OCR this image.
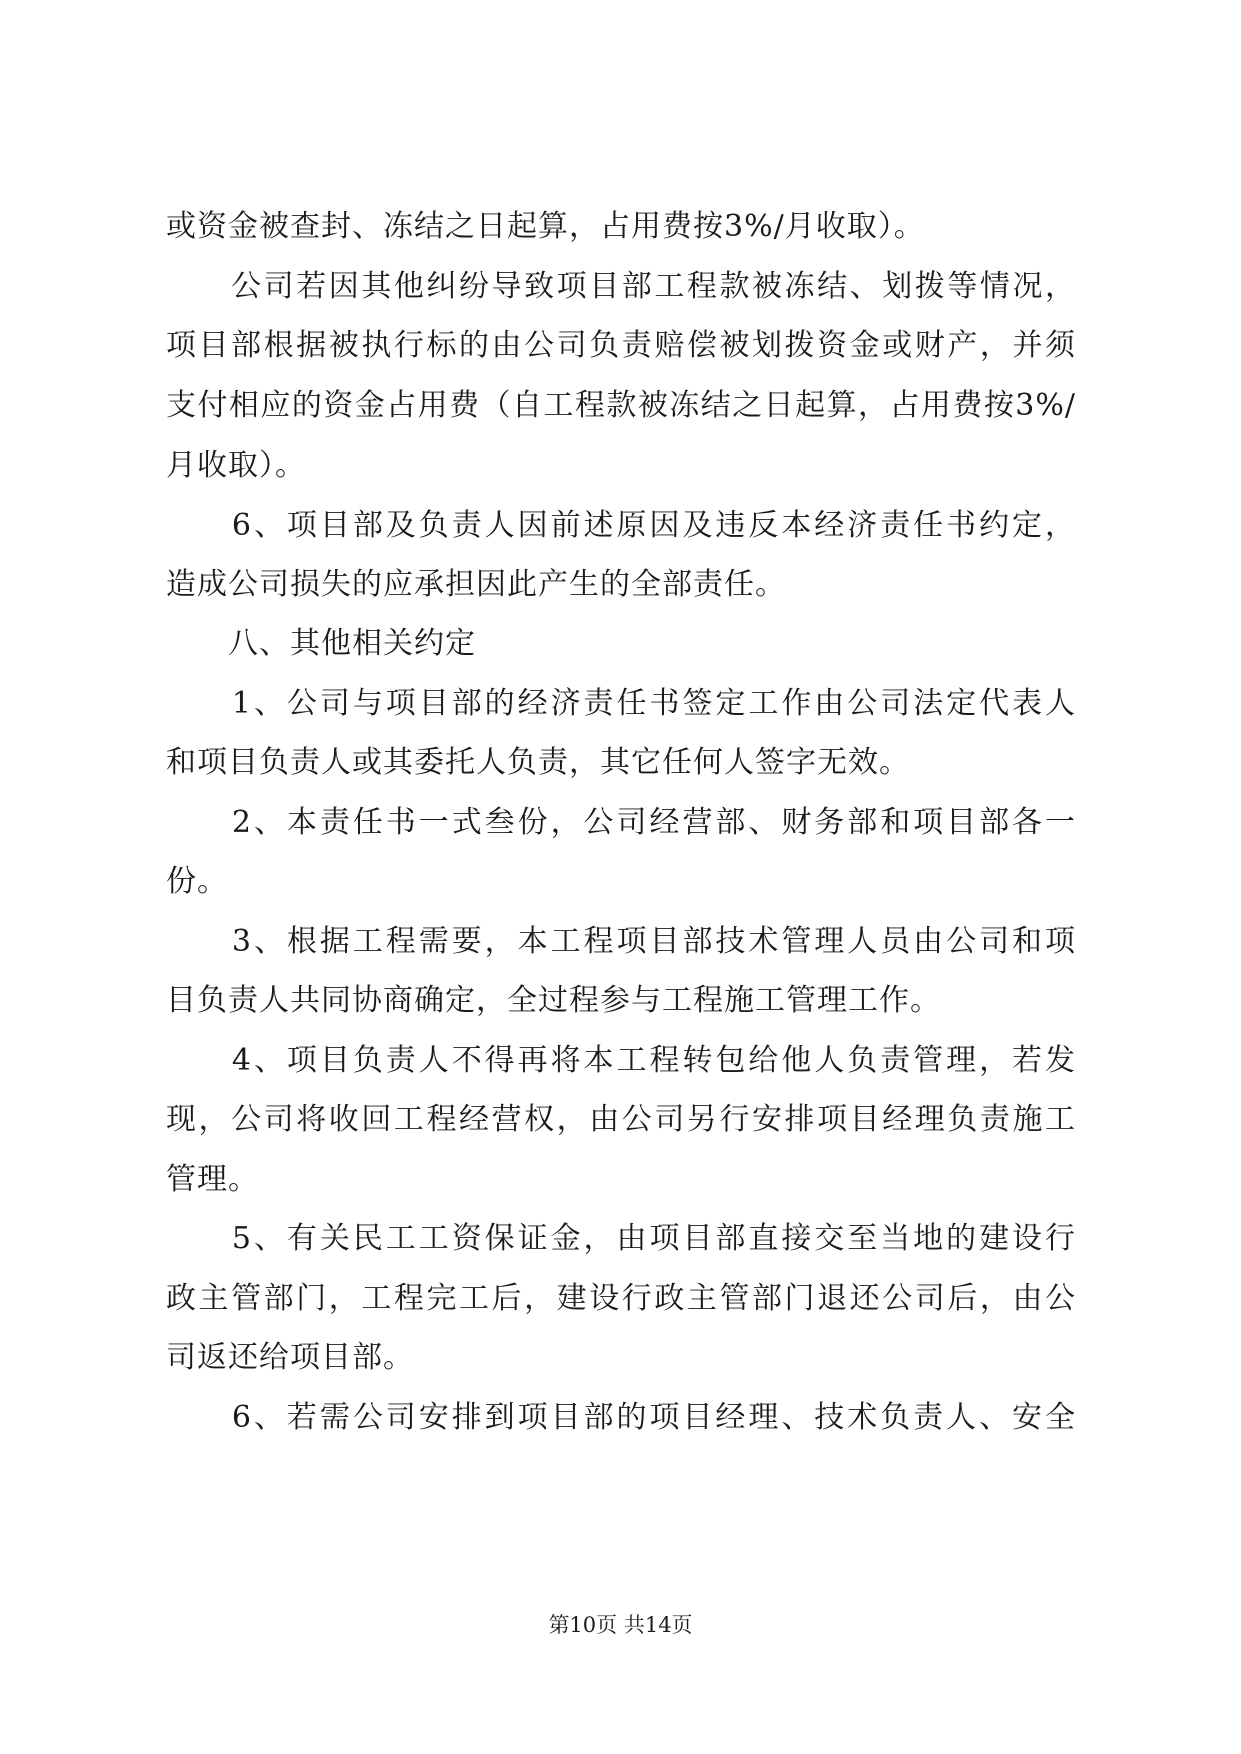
或资金被查封、冻结之日起算，占用费按3%/月收取）。
　　公司若因其他纠纷导致项目部工程款被冻结、划拨等情况，
项目部根据被执行标的由公司负责赔偿被划拨资金或财产，并须
支付相应的资金占用费（自工程款被冻结之日起算，占用费按3%/
月收取）。
　　6、项目部及负责人因前述原因及违反本经济责任书约定，
造成公司损失的应承担因此产生的全部责任。
　　八、其他相关约定
　　1、公司与项目部的经济责任书签定工作由公司法定代表人
和项目负责人或其委托人负责，其它任何人签字无效。
　　2、本责任书一式叁份，公司经营部、财务部和项目部各一
份。
　　3、根据工程需要，本工程项目部技术管理人员由公司和项
目负责人共同协商确定，全过程参与工程施工管理工作。
　　4、项目负责人不得再将本工程转包给他人负责管理，若发
现，公司将收回工程经营权，由公司另行安排项目经理负责施工
管理。
　　5、有关民工工资保证金，由项目部直接交至当地的建设行
政主管部门，工程完工后，建设行政主管部门退还公司后，由公
司返还给项目部。
　　6、若需公司安排到项目部的项目经理、技术负责人、安全
第10页 共14页
